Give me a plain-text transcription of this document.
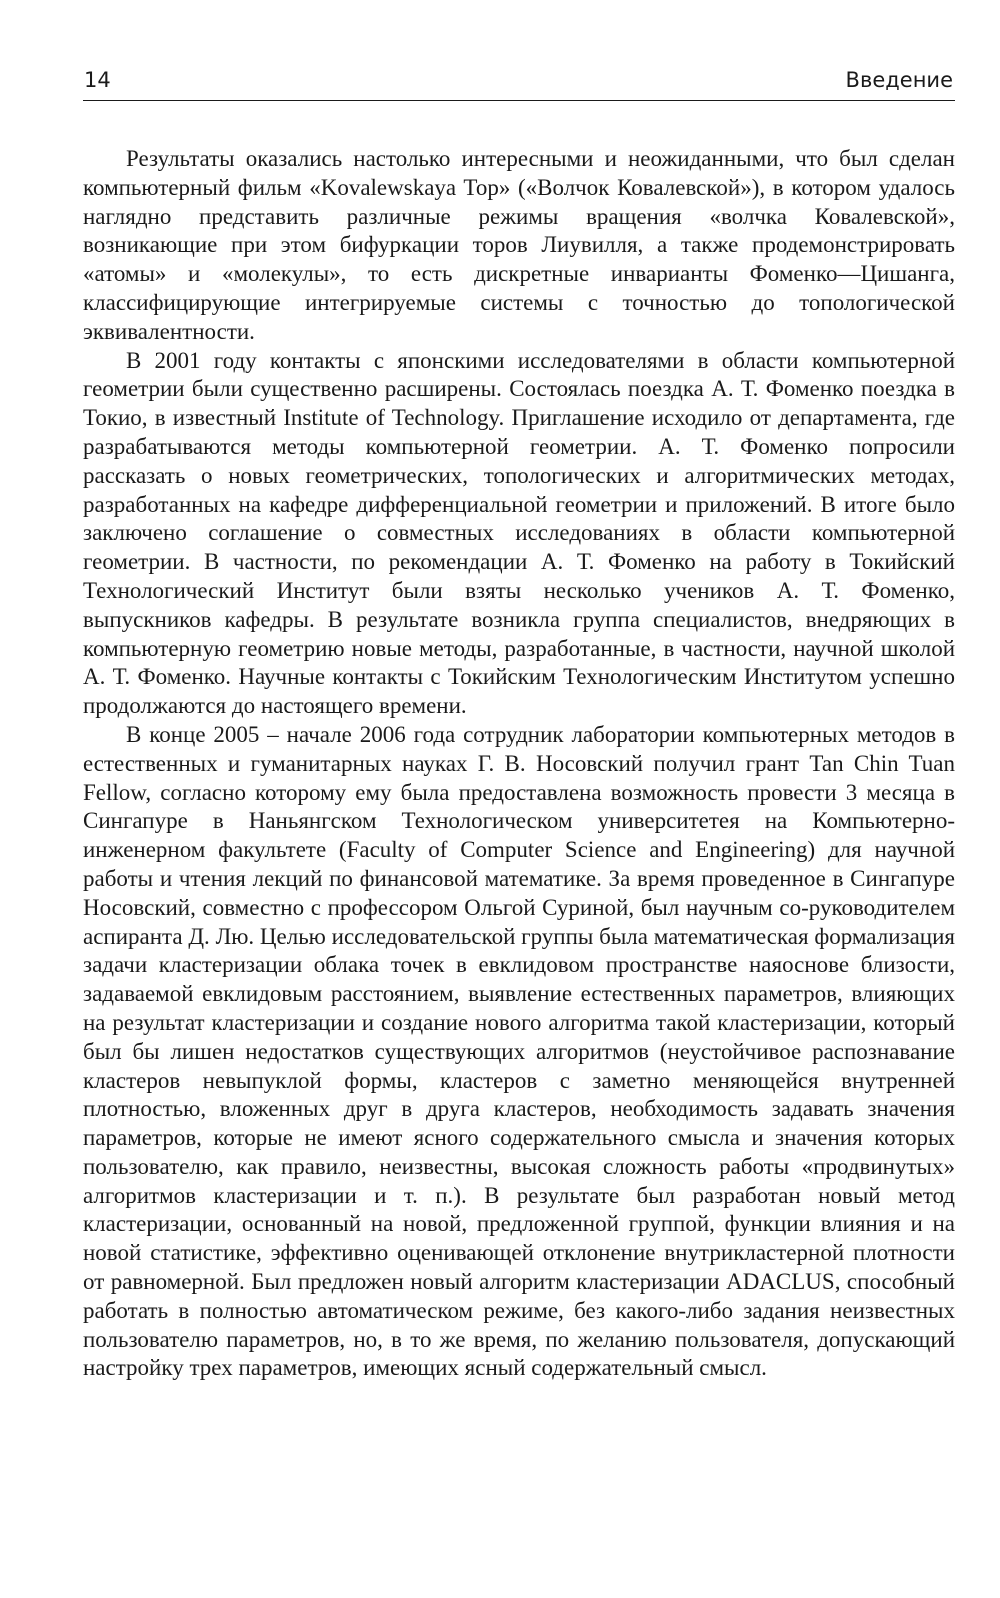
14	Введение

Результаты оказались настолько интересными и неожиданными, что был сделан компьютерный фильм «Kovalewskaya Top» («Волчок Ковалевской»), в котором удалось наглядно представить различные режимы вращения «волчка Ковалевской», возникающие при этом бифуркации торов Лиувилля, а также продемонстрировать «атомы» и «молекулы», то есть дискретные инварианты Фоменко—Цишанга, классифицирующие интегрируемые системы с точностью до топологической эквивалентности.

В 2001 году контакты с японскими исследователями в области компьютерной геометрии были существенно расширены. Состоялась поездка А. Т. Фоменко поездка в Токио, в известный Institute of Technology. Приглашение исходило от департамента, где разрабатываются методы компьютерной геометрии. А. Т. Фоменко попросили рассказать о новых геометрических, топологических и алгоритмических методах, разработанных на кафедре дифференциальной геометрии и приложений. В итоге было заключено соглашение о совместных исследованиях в области компьютерной геометрии. В частности, по рекомендации А. Т. Фоменко на работу в Токийский Технологический Институт были взяты несколько учеников А. Т. Фоменко, выпускников кафедры. В результате возникла группа специалистов, внедряющих в компьютерную геометрию новые методы, разработанные, в частности, научной школой А. Т. Фоменко. Научные контакты с Токийским Технологическим Институтом успешно продолжаются до настоящего времени.

В конце 2005 – начале 2006 года сотрудник лаборатории компьютерных методов в естественных и гуманитарных науках Г. В. Носовский получил грант Tan Chin Tuan Fellow, согласно которому ему была предоставлена возможность провести 3 месяца в Сингапуре в Наньянгском Технологическом университетея на Компьютерно-инженерном факультете (Faculty of Computer Science and Engineering) для научной работы и чтения лекций по финансовой математике. За время проведенное в Сингапуре Носовский, совместно с профессором Ольгой Суриной, был научным со-руководителем аспиранта Д. Лю. Целью исследовательской группы была математическая формализация задачи кластеризации облака точек в евклидовом пространстве наяоснове близости, задаваемой евклидовым расстоянием, выявление естественных параметров, влияющих на результат кластеризации и создание нового алгоритма такой кластеризации, который был бы лишен недостатков существующих алгоритмов (неустойчивое распознавание кластеров невыпуклой формы, кластеров с заметно меняющейся внутренней плотностью, вложенных друг в друга кластеров, необходимость задавать значения параметров, которые не имеют ясного содержательного смысла и значения которых пользователю, как правило, неизвестны, высокая сложность работы «продвинутых» алгоритмов кластеризации и т. п.). В результате был разработан новый метод кластеризации, основанный на новой, предложенной группой, функции влияния и на новой статистике, эффективно оценивающей отклонение внутрикластерной плотности от равномерной. Был предложен новый алгоритм кластеризации ADACLUS, способный работать в полностью автоматическом режиме, без какого-либо задания неизвестных пользователю параметров, но, в то же время, по желанию пользователя, допускающий настройку трех параметров, имеющих ясный содержательный смысл.
